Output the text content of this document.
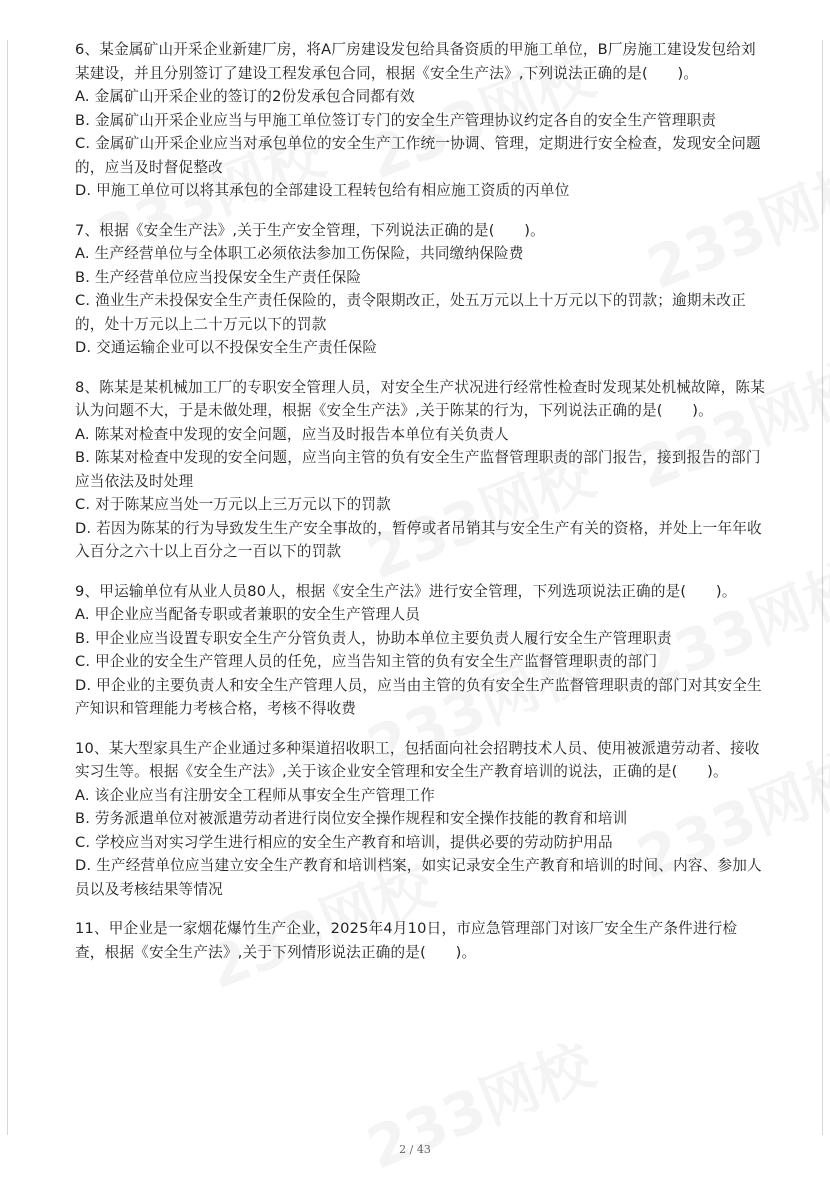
6、某金属矿山开采企业新建厂房，将A厂房建设发包给具备资质的甲施工单位，B厂房施工建设发包给刘某建设，并且分别签订了建设工程发承包合同，根据《安全生产法》,下列说法正确的是(　　)。

A. 金属矿山开采企业的签订的2份发承包合同都有效

B. 金属矿山开采企业应当与甲施工单位签订专门的安全生产管理协议约定各自的安全生产管理职责

C. 金属矿山开采企业应当对承包单位的安全生产工作统一协调、管理，定期进行安全检查，发现安全问题的，应当及时督促整改

D. 甲施工单位可以将其承包的全部建设工程转包给有相应施工资质的丙单位

7、根据《安全生产法》,关于生产安全管理，下列说法正确的是(　　)。

A. 生产经营单位与全体职工必须依法参加工伤保险，共同缴纳保险费

B. 生产经营单位应当投保安全生产责任保险

C. 渔业生产未投保安全生产责任保险的，责令限期改正，处五万元以上十万元以下的罚款；逾期未改正的，处十万元以上二十万元以下的罚款

D. 交通运输企业可以不投保安全生产责任保险

8、陈某是某机械加工厂的专职安全管理人员，对安全生产状况进行经常性检查时发现某处机械故障，陈某认为问题不大，于是未做处理，根据《安全生产法》,关于陈某的行为，下列说法正确的是(　　)。

A. 陈某对检查中发现的安全问题，应当及时报告本单位有关负责人

B. 陈某对检查中发现的安全问题，应当向主管的负有安全生产监督管理职责的部门报告，接到报告的部门应当依法及时处理

C. 对于陈某应当处一万元以上三万元以下的罚款

D. 若因为陈某的行为导致发生生产安全事故的，暂停或者吊销其与安全生产有关的资格，并处上一年年收入百分之六十以上百分之一百以下的罚款

9、甲运输单位有从业人员80人，根据《安全生产法》进行安全管理，下列选项说法正确的是(　　)。

A. 甲企业应当配备专职或者兼职的安全生产管理人员

B. 甲企业应当设置专职安全生产分管负责人，协助本单位主要负责人履行安全生产管理职责

C. 甲企业的安全生产管理人员的任免，应当告知主管的负有安全生产监督管理职责的部门

D. 甲企业的主要负责人和安全生产管理人员，应当由主管的负有安全生产监督管理职责的部门对其安全生产知识和管理能力考核合格，考核不得收费

10、某大型家具生产企业通过多种渠道招收职工，包括面向社会招聘技术人员、使用被派遣劳动者、接收实习生等。根据《安全生产法》,关于该企业安全管理和安全生产教育培训的说法，正确的是(　　)。

A. 该企业应当有注册安全工程师从事安全生产管理工作

B. 劳务派遣单位对被派遣劳动者进行岗位安全操作规程和安全操作技能的教育和培训

C. 学校应当对实习学生进行相应的安全生产教育和培训，提供必要的劳动防护用品

D. 生产经营单位应当建立安全生产教育和培训档案，如实记录安全生产教育和培训的时间、内容、参加人员以及考核结果等情况

11、甲企业是一家烟花爆竹生产企业，2025年4月10日，市应急管理部门对该厂安全生产条件进行检查，根据《安全生产法》,关于下列情形说法正确的是(　　)。

2 / 43
